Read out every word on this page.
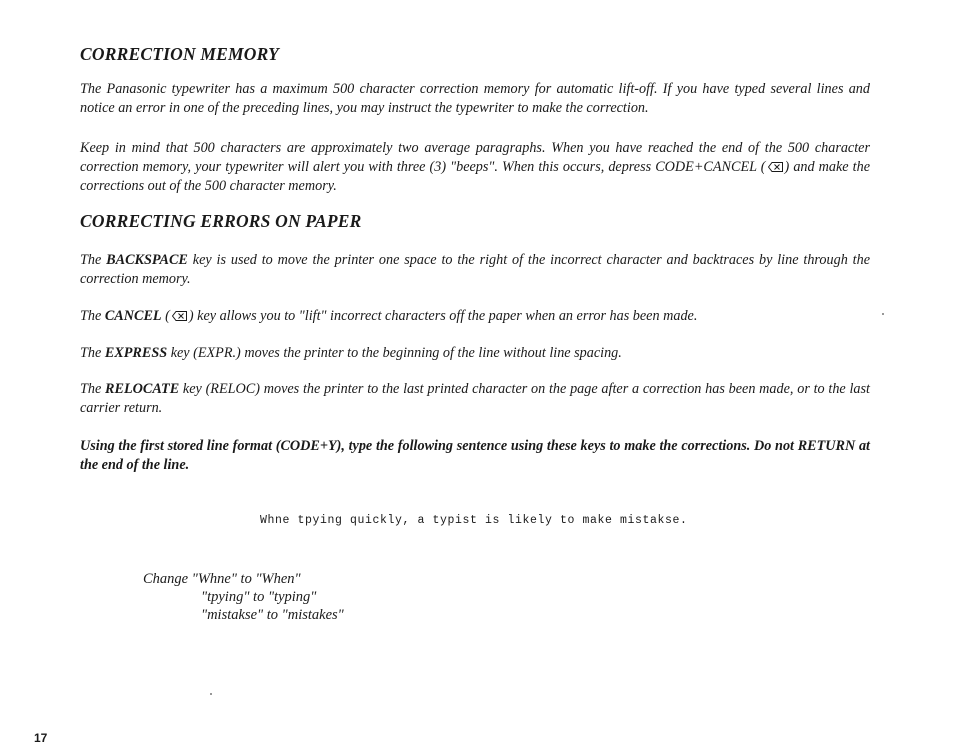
CORRECTION MEMORY

The Panasonic typewriter has a maximum 500 character correction memory for automatic lift-off. If you have typed several lines and notice an error in one of the preceding lines, you may instruct the typewriter to make the correction.

Keep in mind that 500 characters are approximately two average paragraphs. When you have reached the end of the 500 character correction memory, your typewriter will alert you with three (3) "beeps". When this occurs, depress CODE+CANCEL ( ) and make the corrections out of the 500 character memory.

CORRECTING ERRORS ON PAPER

The BACKSPACE key is used to move the printer one space to the right of the incorrect character and backtraces by line through the correction memory.

The CANCEL ( ) key allows you to "lift" incorrect characters off the paper when an error has been made.

The EXPRESS key (EXPR.) moves the printer to the beginning of the line without line spacing.

The RELOCATE key (RELOC) moves the printer to the last printed character on the page after a correction has been made, or to the last carrier return.

Using the first stored line format (CODE+Y), type the following sentence using these keys to make the corrections. Do not RETURN at the end of the line.

Whne tpying quickly, a typist is likely to make mistakse.

Change "Whne" to "When"
"tpying" to "typing"
"mistakse" to "mistakes"
17
